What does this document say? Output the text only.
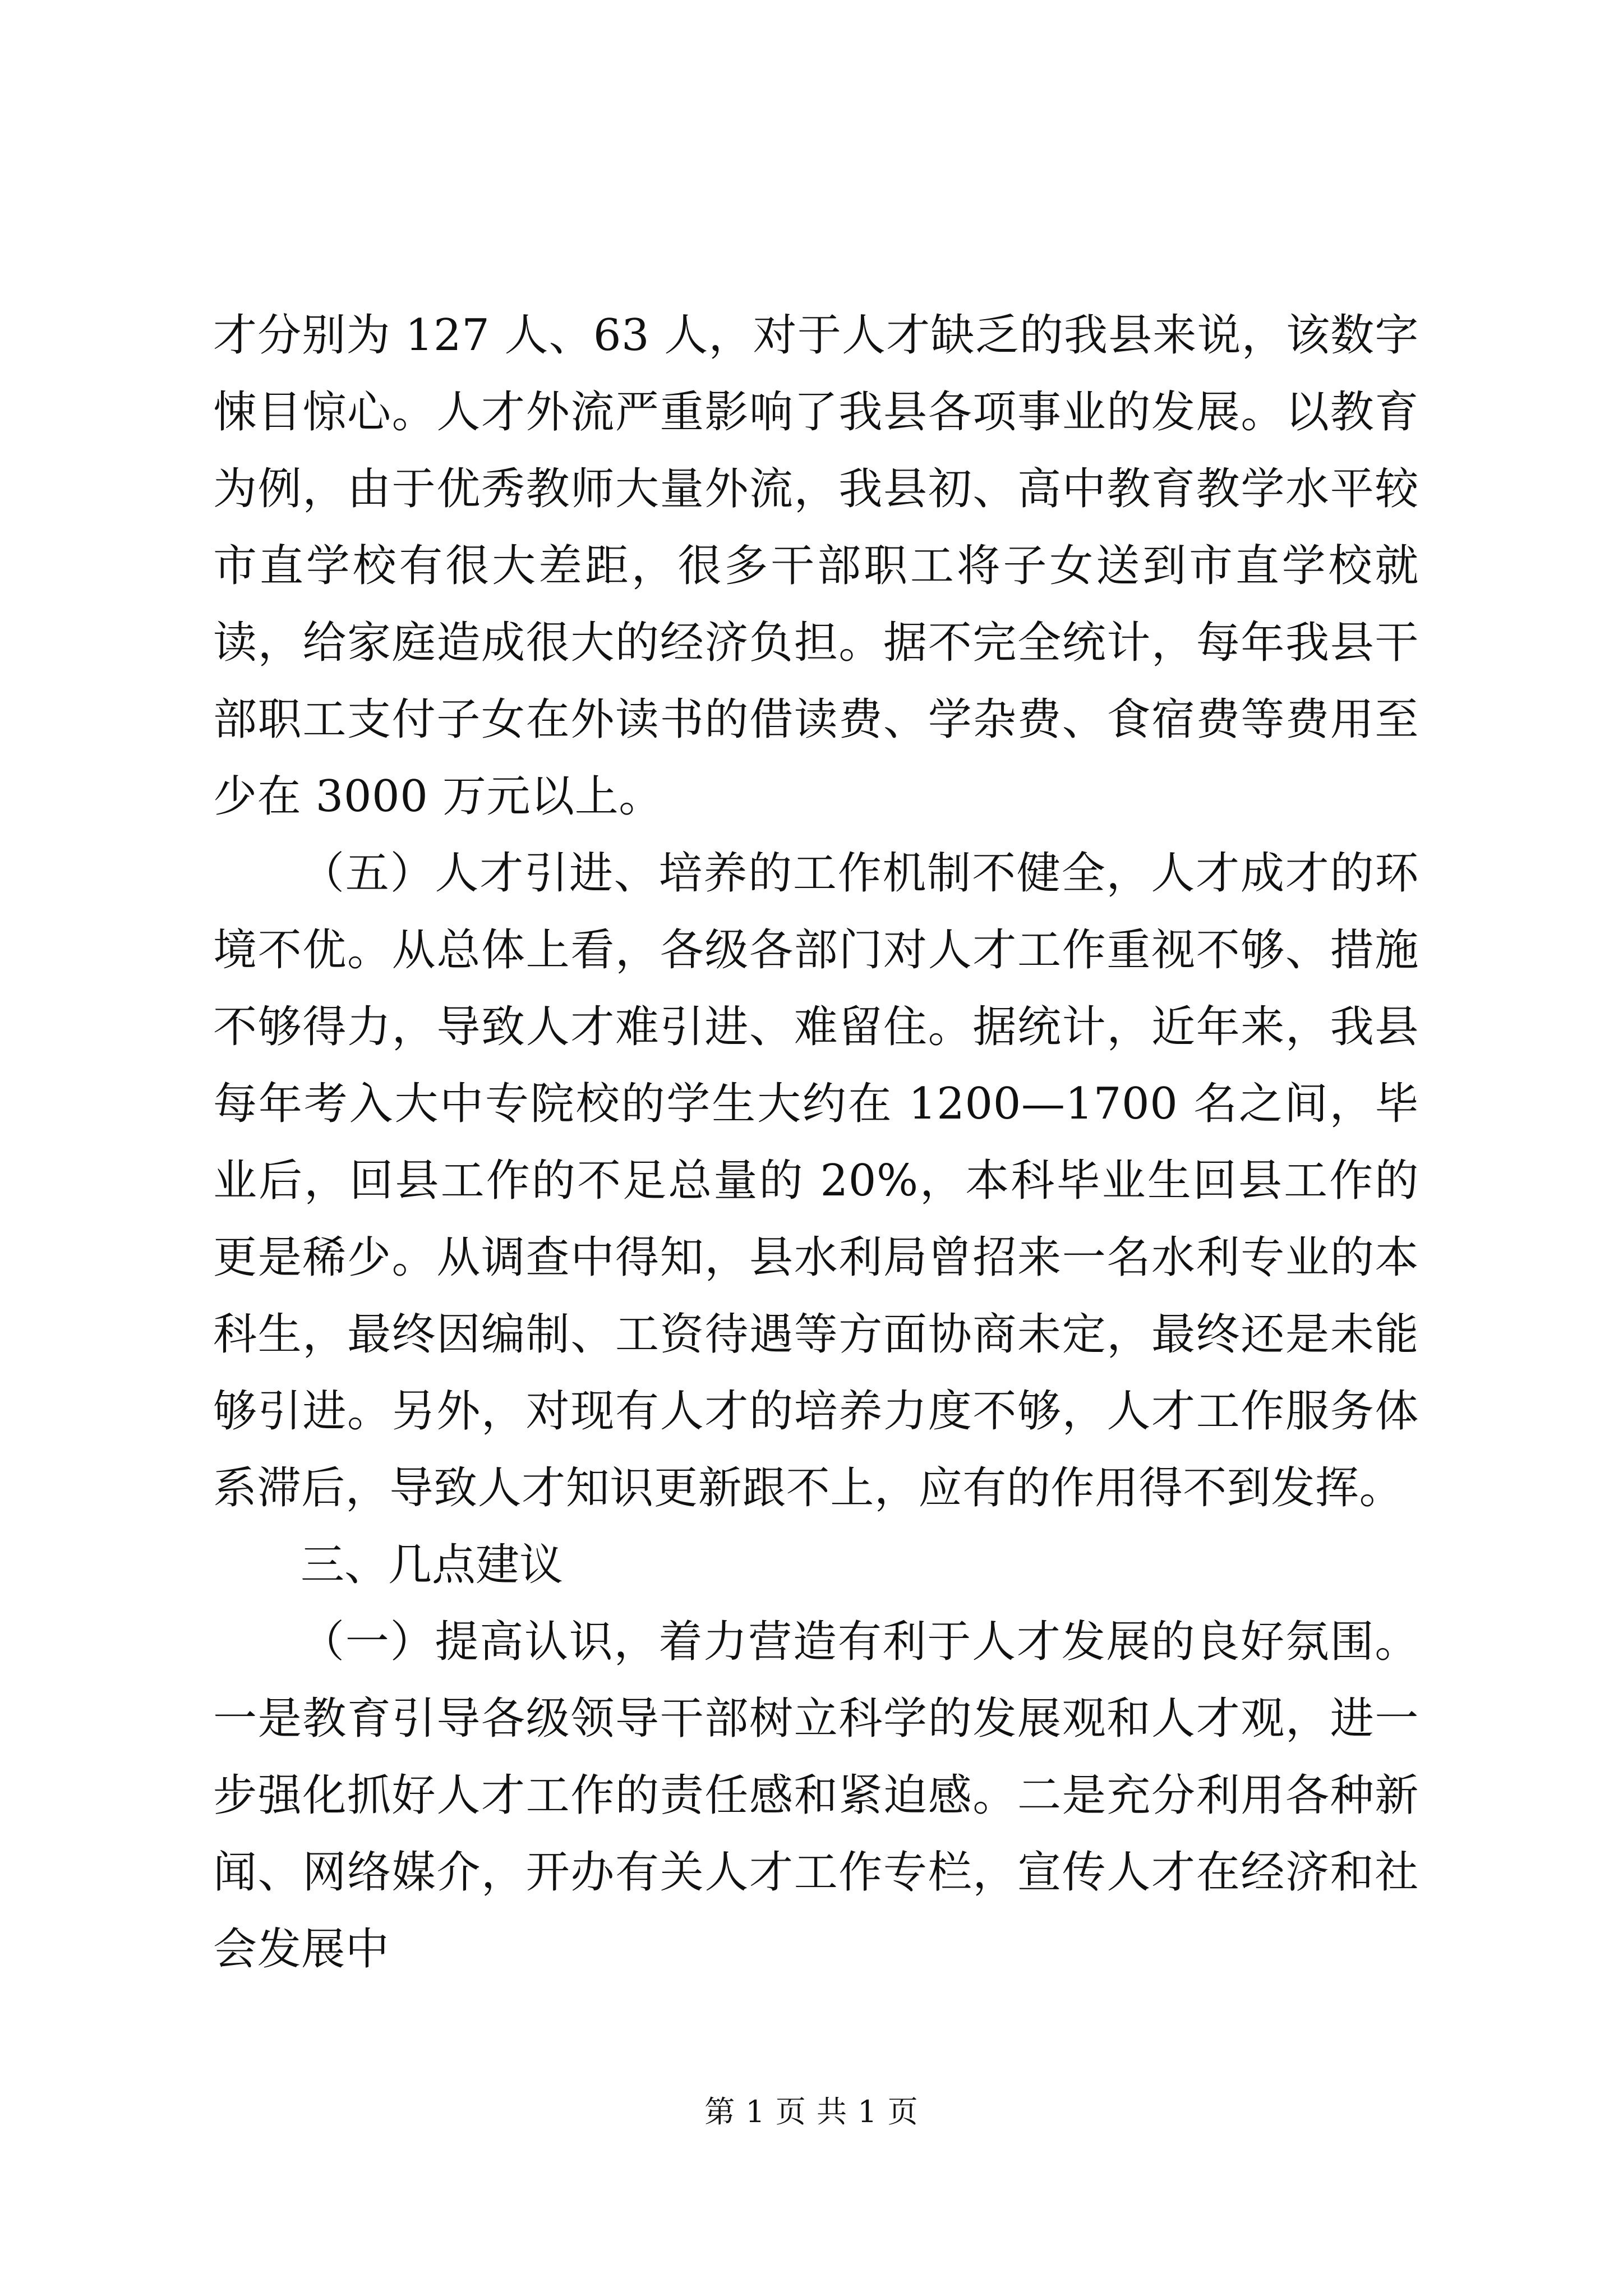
才分别为 127 人、63 人，对于人才缺乏的我县来说，该数字悚目惊心。人才外流严重影响了我县各项事业的发展。以教育为例，由于优秀教师大量外流，我县初、高中教育教学水平较市直学校有很大差距，很多干部职工将子女送到市直学校就读，给家庭造成很大的经济负担。据不完全统计，每年我县干部职工支付子女在外读书的借读费、学杂费、食宿费等费用至少在 3000 万元以上。

（五）人才引进、培养的工作机制不健全，人才成才的环境不优。从总体上看，各级各部门对人才工作重视不够、措施不够得力，导致人才难引进、难留住。据统计，近年来，我县每年考入大中专院校的学生大约在 1200—1700 名之间，毕业后，回县工作的不足总量的 20%，本科毕业生回县工作的更是稀少。从调查中得知，县水利局曾招来一名水利专业的本科生，最终因编制、工资待遇等方面协商未定，最终还是未能够引进。另外，对现有人才的培养力度不够，人才工作服务体系滞后，导致人才知识更新跟不上，应有的作用得不到发挥。

三、几点建议

（一）提高认识，着力营造有利于人才发展的良好氛围。一是教育引导各级领导干部树立科学的发展观和人才观，进一步强化抓好人才工作的责任感和紧迫感。二是充分利用各种新闻、网络媒介，开办有关人才工作专栏，宣传人才在经济和社会发展中

第 1 页 共 1 页
